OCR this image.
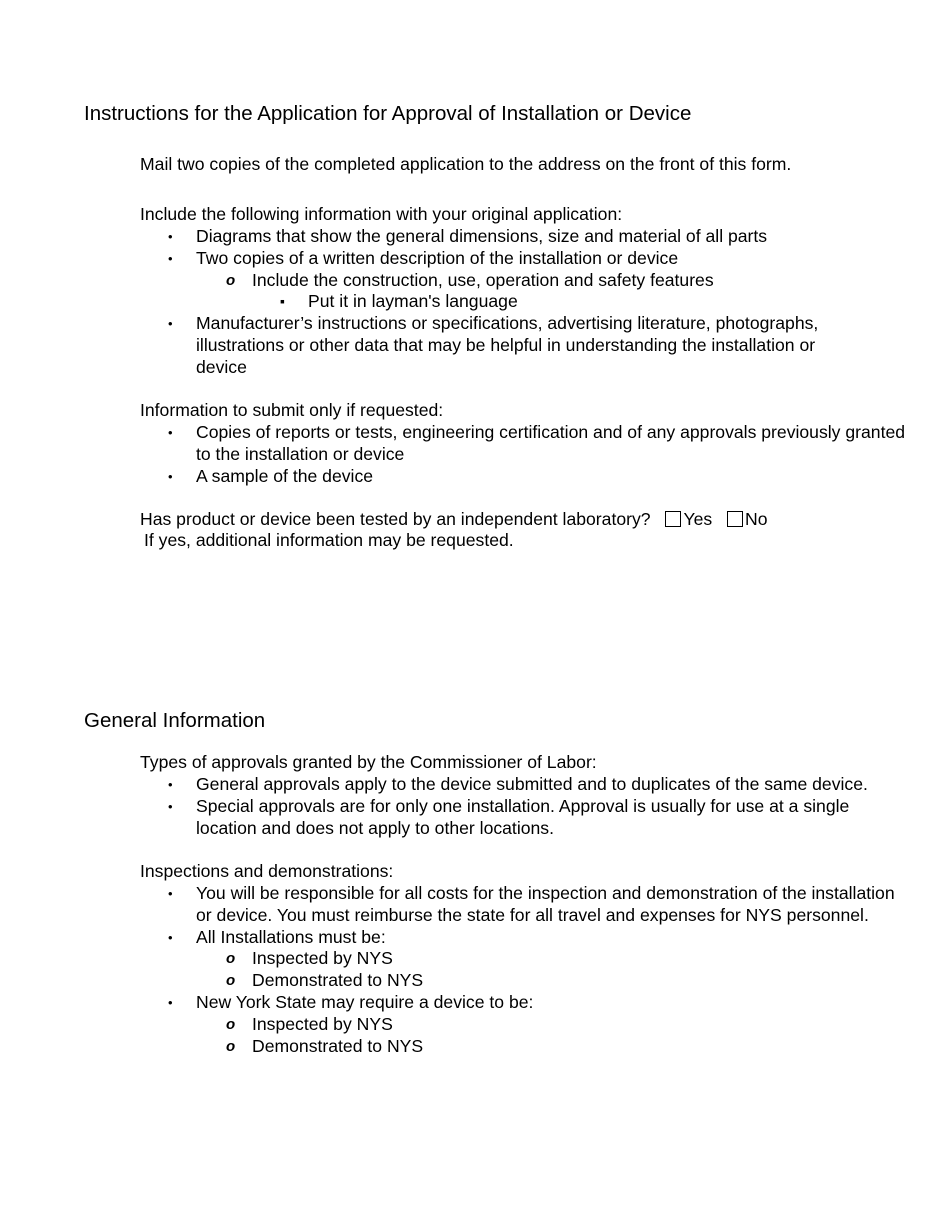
Instructions for the Application for Approval of Installation or Device

Mail two copies of the completed application to the address on the front of this form.

Include the following information with your original application:

• Diagrams that show the general dimensions, size and material of all parts
• Two copies of a written description of the installation or device
o Include the construction, use, operation and safety features
▪ Put it in layman's language
• Manufacturer’s instructions or specifications, advertising literature, photographs, illustrations or other data that may be helpful in understanding the installation or device

Information to submit only if requested:

• Copies of reports or tests, engineering certification and of any approvals previously granted to the installation or device
• A sample of the device

Has product or device been tested by an independent laboratory? Yes No

If yes, additional information may be requested.

General Information

Types of approvals granted by the Commissioner of Labor:

• General approvals apply to the device submitted and to duplicates of the same device.
• Special approvals are for only one installation. Approval is usually for use at a single location and does not apply to other locations.

Inspections and demonstrations:

• You will be responsible for all costs for the inspection and demonstration of the installation or device. You must reimburse the state for all travel and expenses for NYS personnel.
• All Installations must be:
o Inspected by NYS
o Demonstrated to NYS
• New York State may require a device to be:
o Inspected by NYS
o Demonstrated to NYS
